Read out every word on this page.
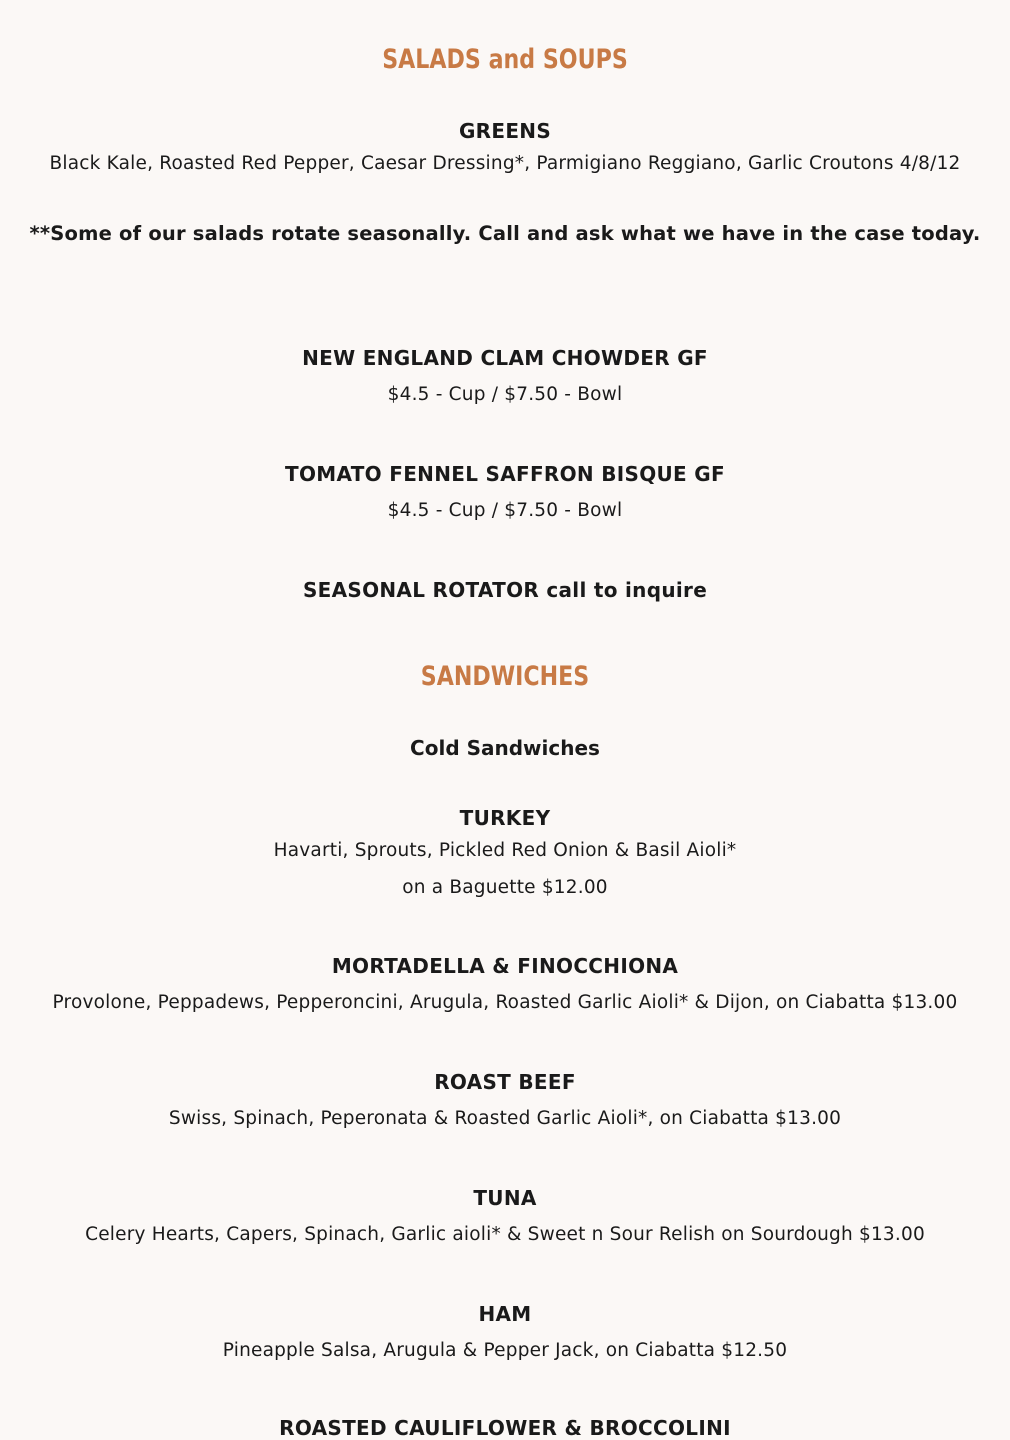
SALADS and SOUPS
GREENS
Black Kale, Roasted Red Pepper, Caesar Dressing*, Parmigiano Reggiano, Garlic Croutons 4/8/12
**Some of our salads rotate seasonally. Call and ask what we have in the case today.
NEW ENGLAND CLAM CHOWDER GF
$4.5 - Cup / $7.50 - Bowl
TOMATO FENNEL SAFFRON BISQUE GF
$4.5 - Cup / $7.50 - Bowl
SEASONAL ROTATOR call to inquire
SANDWICHES
Cold Sandwiches
TURKEY
Havarti, Sprouts, Pickled Red Onion & Basil Aioli*
on a Baguette $12.00
MORTADELLA & FINOCCHIONA
Provolone, Peppadews, Pepperoncini, Arugula, Roasted Garlic Aioli* & Dijon, on Ciabatta $13.00
ROAST BEEF
Swiss, Spinach, Peperonata & Roasted Garlic Aioli*, on Ciabatta $13.00
TUNA
Celery Hearts, Capers, Spinach, Garlic aioli* & Sweet n Sour Relish on Sourdough $13.00
HAM
Pineapple Salsa, Arugula & Pepper Jack, on Ciabatta $12.50
ROASTED CAULIFLOWER & BROCCOLINI
